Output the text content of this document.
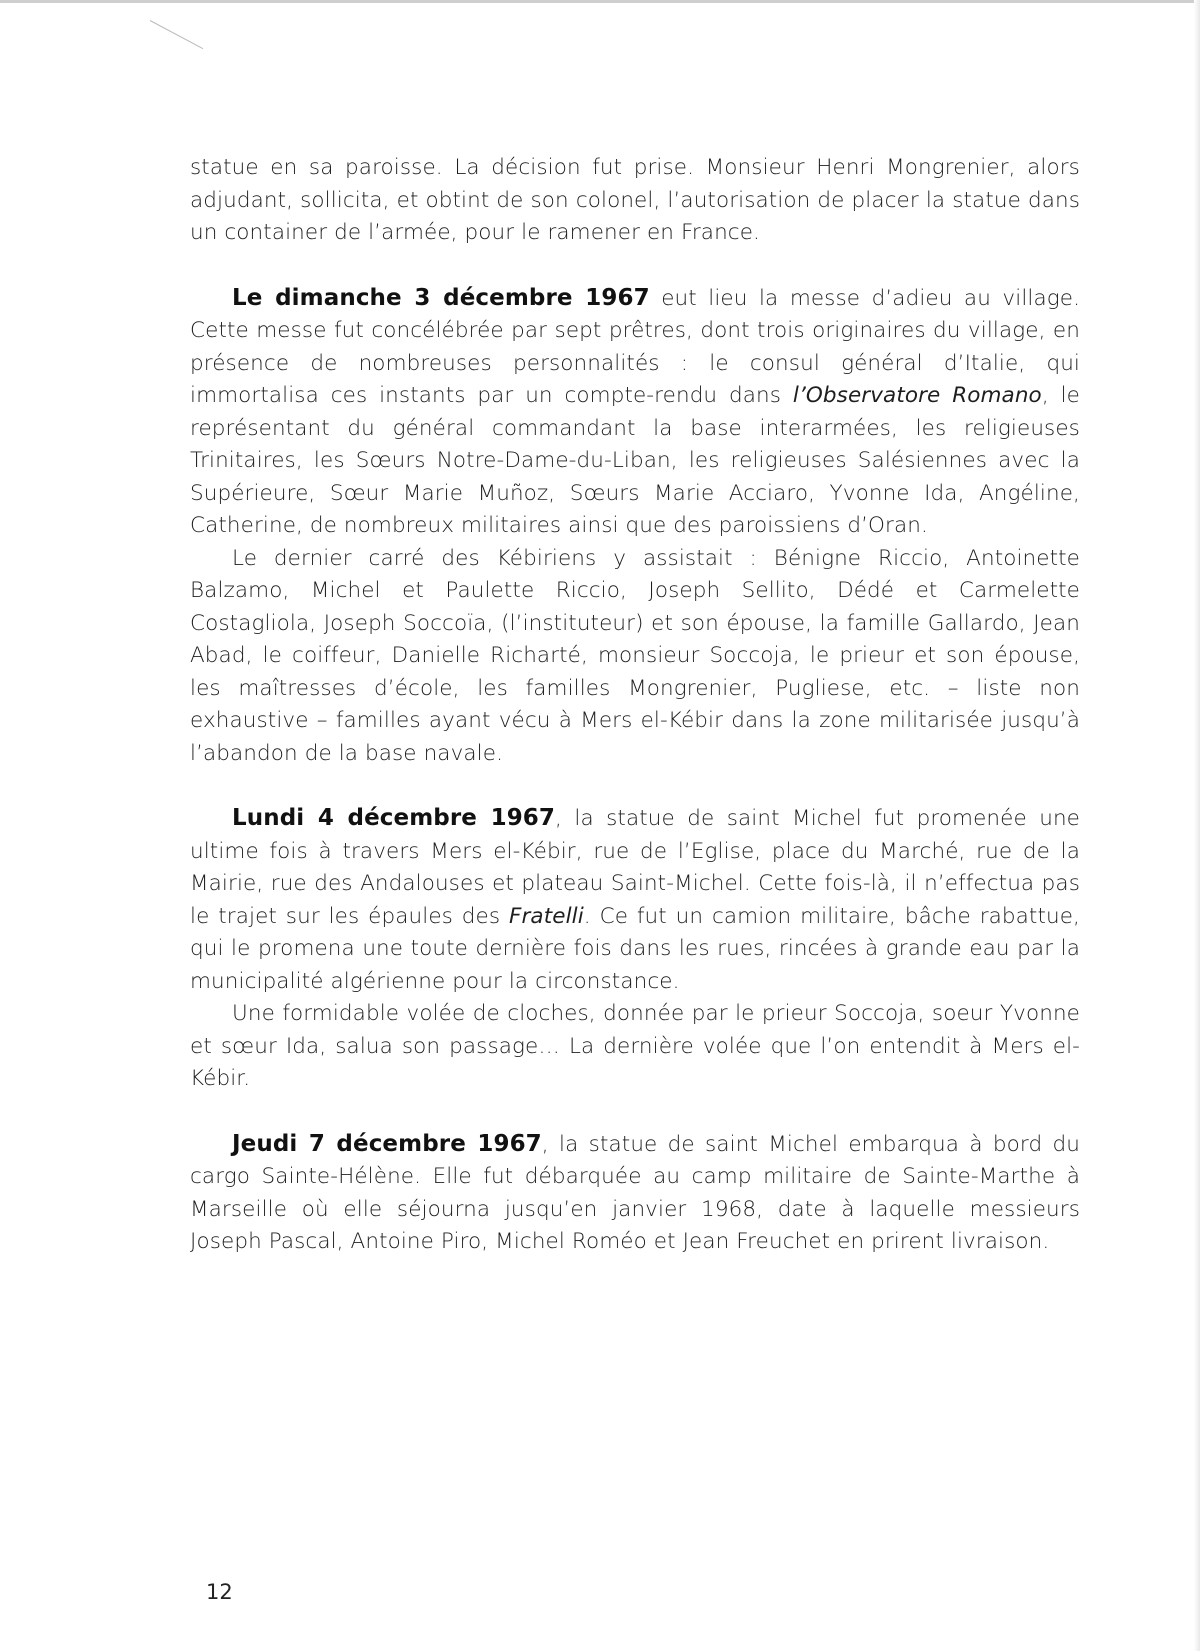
statue en sa paroisse. La décision fut prise. Monsieur Henri Mongrenier, alors adjudant, sollicita, et obtint de son colonel, l’autorisation de placer la statue dans un container de l’armée, pour le ramener en France.

Le dimanche 3 décembre 1967 eut lieu la messe d’adieu au village. Cette messe fut concélébrée par sept prêtres, dont trois originaires du village, en présence de nombreuses personnalités : le consul général d’Italie, qui immortalisa ces instants par un compte-rendu dans l’Observatore Romano, le représentant du général commandant la base interarmées, les religieuses Trinitaires, les Sœurs Notre-Dame-du-Liban, les religieuses Salésiennes avec la Supérieure, Sœur Marie Muñoz, Sœurs Marie Acciaro, Yvonne Ida, Angéline, Catherine, de nombreux militaires ainsi que des paroissiens d’Oran.

Le dernier carré des Kébiriens y assistait : Bénigne Riccio, Antoinette Balzamo, Michel et Paulette Riccio, Joseph Sellito, Dédé et Carmelette Costagliola, Joseph Soccoïa, (l’instituteur) et son épouse, la famille Gallardo, Jean Abad, le coiffeur, Danielle Richarté, monsieur Soccoja, le prieur et son épouse, les maîtresses d’école, les familles Mongrenier, Pugliese, etc. – liste non exhaustive – familles ayant vécu à Mers el-Kébir dans la zone militarisée jusqu’à l’abandon de la base navale.

Lundi 4 décembre 1967, la statue de saint Michel fut promenée une ultime fois à travers Mers el-Kébir, rue de l’Eglise, place du Marché, rue de la Mairie, rue des Andalouses et plateau Saint-Michel. Cette fois-là, il n’effectua pas le trajet sur les épaules des Fratelli. Ce fut un camion militaire, bâche rabattue, qui le promena une toute dernière fois dans les rues, rincées à grande eau par la municipalité algérienne pour la circonstance.

Une formidable volée de cloches, donnée par le prieur Soccoja, soeur Yvonne et sœur Ida, salua son passage… La dernière volée que l’on entendit à Mers el-Kébir.

Jeudi 7 décembre 1967, la statue de saint Michel embarqua à bord du cargo Sainte-Hélène. Elle fut débarquée au camp militaire de Sainte-Marthe à Marseille où elle séjourna jusqu’en janvier 1968, date à laquelle messieurs Joseph Pascal, Antoine Piro, Michel Roméo et Jean Freuchet en prirent livraison.

12
